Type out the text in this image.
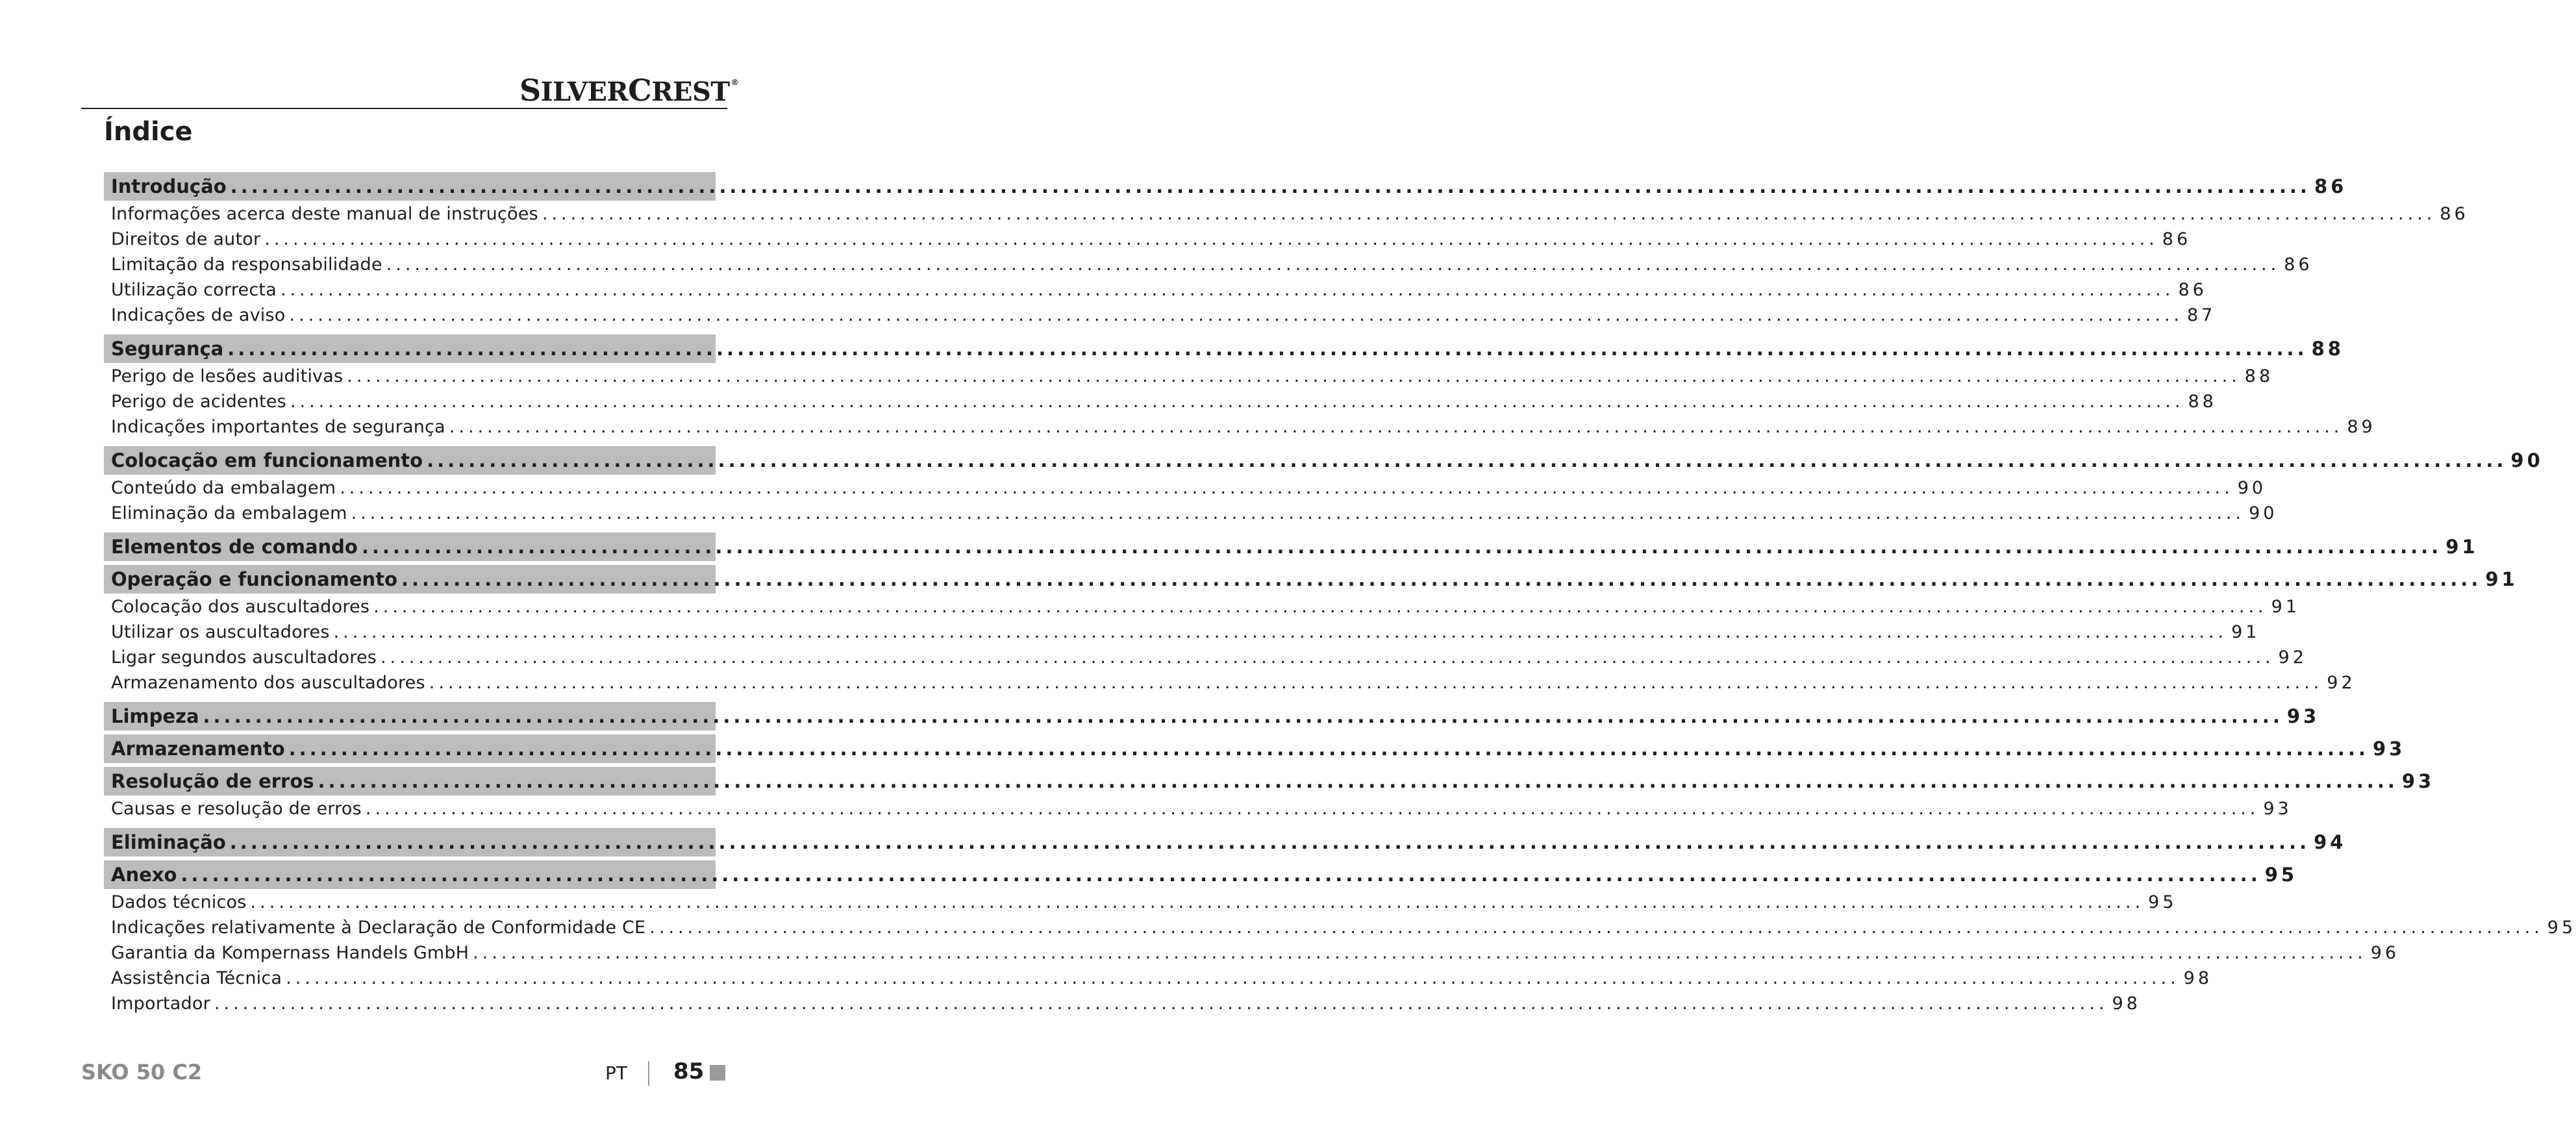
SILVERCREST ®
Índice
Introdução ........................................................................................................................................................................................................ 86
Informações acerca deste manual de instruções ........................................................................................................................................................................................................ 86
Direitos de autor ........................................................................................................................................................................................................ 86
Limitação da responsabilidade ........................................................................................................................................................................................................ 86
Utilização correcta ........................................................................................................................................................................................................ 86
Indicações de aviso ........................................................................................................................................................................................................ 87
Segurança ........................................................................................................................................................................................................ 88
Perigo de lesões auditivas ........................................................................................................................................................................................................ 88
Perigo de acidentes ........................................................................................................................................................................................................ 88
Indicações importantes de segurança ........................................................................................................................................................................................................ 89
Colocação em funcionamento ........................................................................................................................................................................................................ 90
Conteúdo da embalagem ........................................................................................................................................................................................................ 90
Eliminação da embalagem ........................................................................................................................................................................................................ 90
Elementos de comando ........................................................................................................................................................................................................ 91
Operação e funcionamento ........................................................................................................................................................................................................ 91
Colocação dos auscultadores ........................................................................................................................................................................................................ 91
Utilizar os auscultadores ........................................................................................................................................................................................................ 91
Ligar segundos auscultadores ........................................................................................................................................................................................................ 92
Armazenamento dos auscultadores ........................................................................................................................................................................................................ 92
Limpeza ........................................................................................................................................................................................................ 93
Armazenamento ........................................................................................................................................................................................................ 93
Resolução de erros ........................................................................................................................................................................................................ 93
Causas e resolução de erros ........................................................................................................................................................................................................ 93
Eliminação ........................................................................................................................................................................................................ 94
Anexo ........................................................................................................................................................................................................ 95
Dados técnicos ........................................................................................................................................................................................................ 95
Indicações relativamente à Declaração de Conformidade CE ........................................................................................................................................................................................................ 95
Garantia da Kompernass Handels GmbH ........................................................................................................................................................................................................ 96
Assistência Técnica ........................................................................................................................................................................................................ 98
Importador ........................................................................................................................................................................................................ 98
SKO 50 C2	PT 85
